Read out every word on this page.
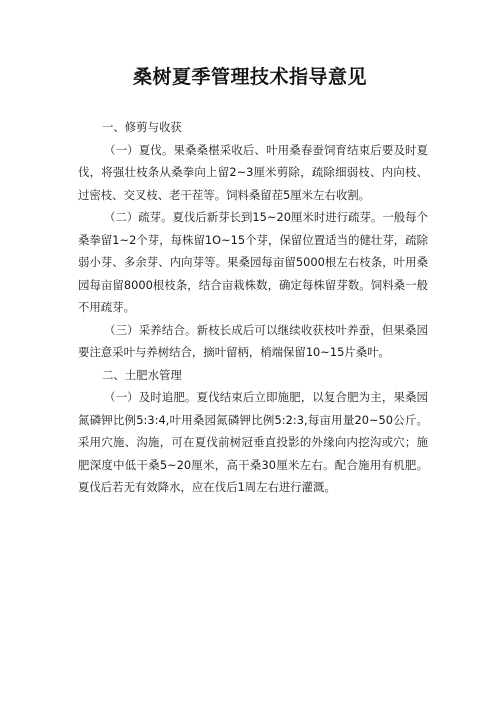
桑树夏季管理技术指导意见

一、修剪与收获

（一）夏伐。果桑桑椹采收后、叶用桑春蚕饲育结束后要及时夏伐，将强壮枝条从桑拳向上留2~3厘米剪除，疏除细弱枝、内向枝、过密枝、交叉枝、老干茬等。饲料桑留茬5厘米左右收割。

（二）疏芽。夏伐后新芽长到15~20厘米时进行疏芽。一般每个桑拳留1~2个芽，每株留1O~15个芽，保留位置适当的健壮芽，疏除弱小芽、多余芽、内向芽等。果桑园每亩留5000根左右枝条，叶用桑园每亩留8000根枝条，结合亩栽株数，确定每株留芽数。饲料桑一般不用疏芽。

（三）采养结合。新枝长成后可以继续收获枝叶养蚕，但果桑园要注意采叶与养树结合，摘叶留柄，梢端保留10~15片桑叶。

二、土肥水管理

（一）及时追肥。夏伐结束后立即施肥，以复合肥为主，果桑园氮磷钾比例5:3:4,叶用桑园氮磷钾比例5:2:3,每亩用量20~50公斤。采用穴施、沟施，可在夏伐前树冠垂直投影的外缘向内挖沟或穴；施肥深度中低干桑5~20厘米，高干桑30厘米左右。配合施用有机肥。夏伐后若无有效降水，应在伐后1周左右进行灌溉。
